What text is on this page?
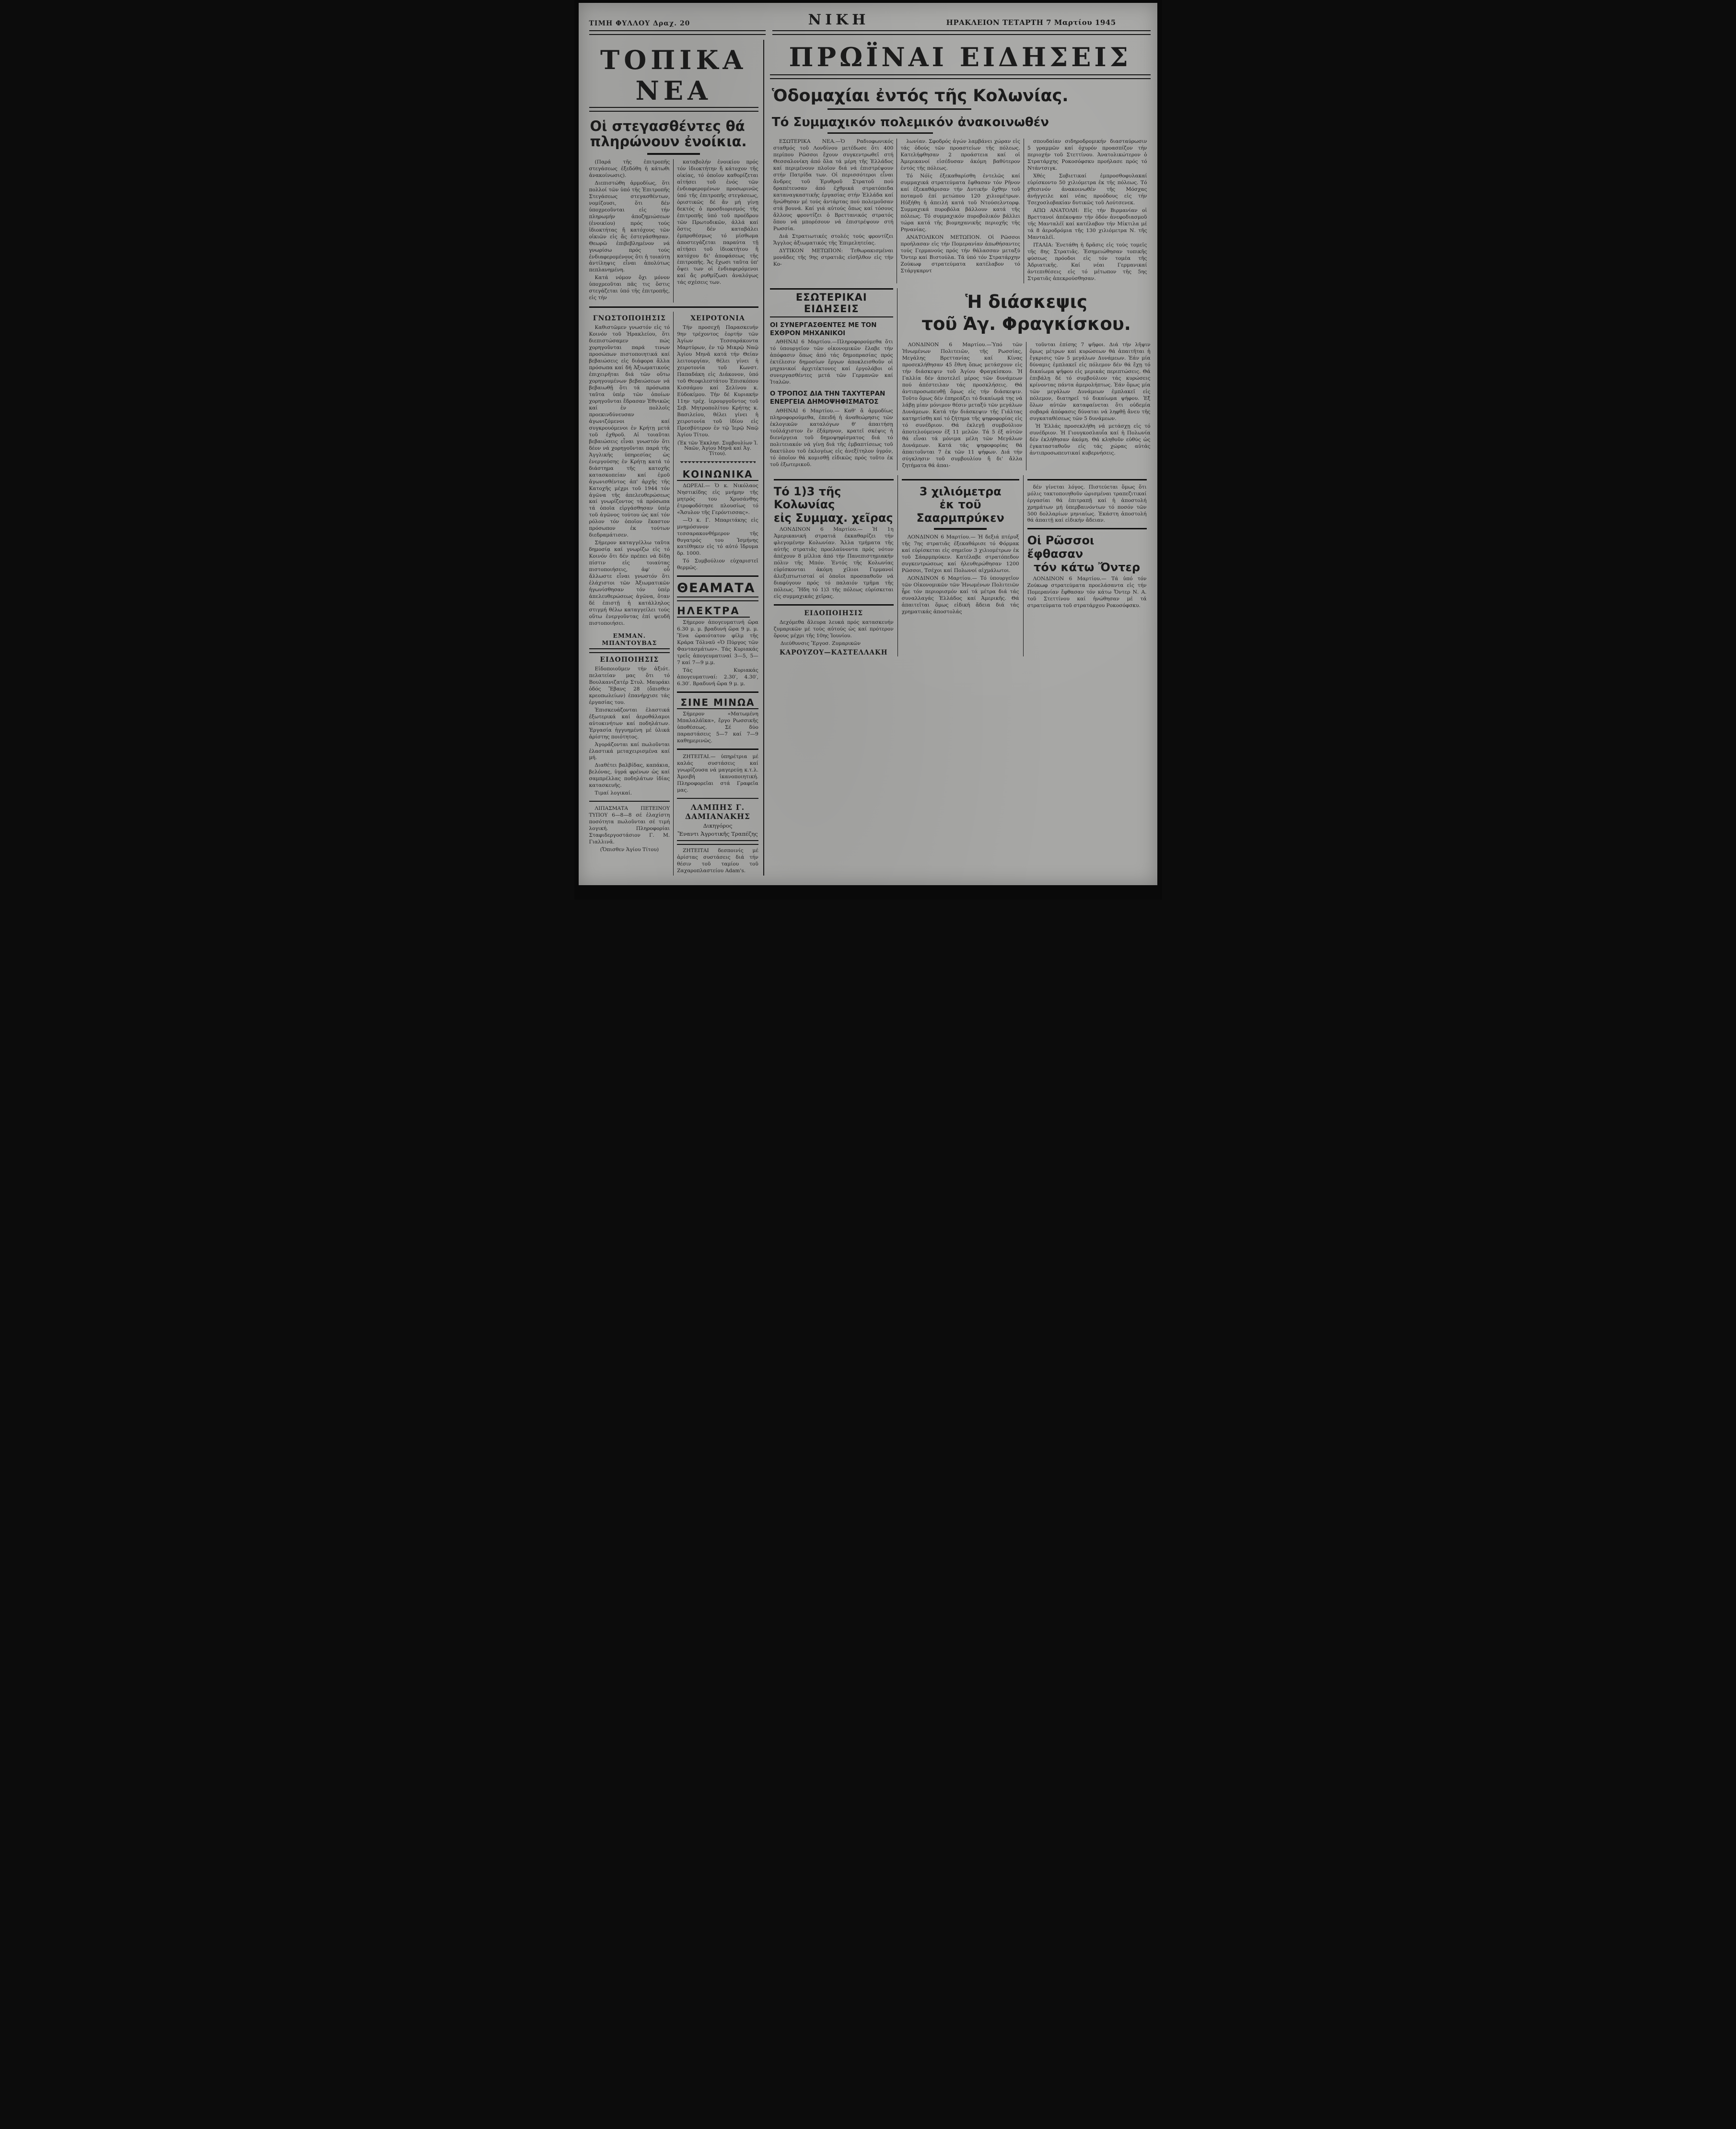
ΤΙΜΗ ΦΥΛΛΟΥ Δραχ. 20	ΝΙΚΗ	ΗΡΑΚΛΕΙΟΝ ΤΕΤΑΡΤΗ 7 Μαρτίου 1945
ΤΟΠΙΚΑ ΝΕΑ
Οἱ στεγασθέντες θά πληρώνουν ἐνοίκια.

(Παρά τῆς ἐπιτροπῆς στεγάσεως ἐξεδόθη ἡ κάτωθι ἀνακοίνωσις).

Διεπιστώθη ἁρμοδίως, ὅτι πολλοί τῶν ὑπό τῆς Ἐπιτροπῆς Στεγάσεως στεγασθέντων, νομίζουσι, ὅτι δέν ὑποχρεοῦνται εἰς τήν πληρωμήν ἀποζημιώσεων (ἐνοικίου) πρός τούς ἰδιοκτήτας ἤ κατόχους τῶν οἰκιῶν εἰς ἅς ἐστεγάσθησαν. Θεωρῶ ἐπιβεβλημένον νά γνωρίσω πρός τούς ἐνδιαφερομένους ὅτι ἡ τοιαύτη ἀντίληψις εἶναι ἀπολύτως πεπλανημένη.

Κατά νόμον ὄχι μόνον ὑποχρεοῦται πᾶς τις ὅστις στεγάζεται ὑπό τῆς ἐπιτροπῆς, εἰς τήν

καταβολήν ἐνοικίου πρός τόν ἰδιοκτήτην ἤ κάτοχον τῆς οἰκίας, τό ὁποῖον καθορίζεται αἰτήσει τοῦ ἑνός τῶν ἐνδιαφερομένων προσωρινῶς ὑπό τῆς ἐπιτροπῆς στεγάσεως, ὁριστικῶς δέ ἄν μή γίνῃ δεκτός ὁ προσδιορισμός τῆς ἐπιτροπῆς ὑπό τοῦ προέδρου τῶν Πρωτοδικῶν, ἀλλά καί ὅστις δέν καταβάλει ἐμπροθέσμως τό μίσθωμα ἀποστεγάζεται παραύτα τῇ αἰτήσει τοῦ ἰδιοκτήτου ἤ κατόχου δι' ἀποφάσεως τῆς ἐπιτροπῆς. Ἄς ἔχωσι ταῦτα ὑπ' ὄψει των οἱ ἐνδιαφερόμενοι καί ἄς ρυθμίζωσι ἀναλόγως τάς σχέσεις των.

ΓΝΩΣΤΟΠΟΙΗΣΙΣ

Καθιστῶμεν γνωστόν εἰς τό Κοινόν τοῦ Ἡρακλείου, ὅτι διεπιστώσαμεν πώς χορηγοῦνται παρά τινων προσώπων πιστοποιητικά καί βεβαιώσεις εἰς διάφορα ἄλλα πρόσωπα καί δή Ἀξιωματικούς ἐπιχειρῆται διά τῶν οὕτω χορηγουμένων βεβαιώσεων νά βεβαιωθῇ ὅτι τά πρόσωπα ταῦτα ὑπέρ τῶν ὁποίων χορηγοῦνται ἔδρασαν Ἐθνικῶς καί ἐν πολλοῖς προεκινδύνευσαν ἀγωνιζόμενοι καί συγκρουόμενοι ἐν Κρήτῃ μετά τοῦ ἐχθροῦ. Αἱ τοιαῦται βεβαιώσεις εἶναι γνωστόν ὅτι δέον νά χορηγοῦνται παρά τῆς Ἀγγλικῆς ὑπηρεσίας ὡς ἐνεργούσης ἐν Κρήτῃ κατά τό διάστημα τῆς κατοχῆς κατασκοπείαν καί ἐμοῦ ἀγωνισθέντος ἀπ' ἀρχῆς τῆς Κατοχῆς μέχρι τοῦ 1944 τόν ἀγῶνα τῆς ἀπελευθερώσεως καί γνωρίζοντος τά πρόσωπα τά ὁποῖα εἰργάσθησαν ὑπέρ τοῦ ἀγῶνος τούτου ὡς καί τόν ρόλον τόν ὁποῖον ἕκαστον πρόσωπον ἐκ τούτων διεδραμάτισεν.

Σήμερον καταγγέλλω ταῦτα δημοσίᾳ καί γνωρίζω εἰς τό Κοινόν ὅτι δέν πρέπει νά δίδῃ πίστιν εἰς τοιαύτας πιστοποιήσεις, ἀφ' οὗ ἄλλωστε εἶναι γνωστόν ὅτι ἐλάχιστοι τῶν Ἀξιωματικῶν ἠγωνίσθησαν τόν ὑπέρ ἀπελευθερώσεως ἀγῶνα, ὅταν δέ ἐπιστῇ ἡ κατάλληλος στιγμή θέλω καταγγείλει τούς οὕτω ἐνεργοῦντας ἐπί ψευδῆ πιστοποιήσει.

ΕΜΜΑΝ. ΜΠΑΝΤΟΥΒΑΣ
ΕΙΔΟΠΟΙΗΣΙΣ

Εἰδοποιοῦμεν τήν ἀξιότ. πελατείαν μας ὅτι τό Βουλκανιζατέρ Στυλ. Μαυράκι ὁδός Ἔβανς 28 (ὄπισθεν κρεοπωλείων) ἐπανήρχισε τάς ἐργασίας του.

Ἐπισκευάζονται ἐλαστικά ἐξωτερικά καί ἀεροθάλαμοι αὐτοκινήτων καί ποδηλάτων. Ἐργασία ἠγγυημένη μέ ὑλικά ἀρίστης ποιότητος.

Ἀγοράζονται καί πωλοῦνται ἐλαστικά μεταχειρισμένα καί μή.

Διαθέτει βαλβίδας, καπάκια, βελόνας, ὑγρά φρένων ὡς καί σαμπρέλλας ποδηλάτων ἰδίας κατασκευῆς.

Τιμαί λογικαί.

ΛΙΠΑΣΜΑΤΑ ΠΕΤΕΙΝΟΥ ΤΥΠΟΥ 6—8—8 σέ ἐλαχίστη ποσότητα πωλοῦνται σέ τιμή λογική. Πληροφορίαι Σταφιδεργοστάσιον Γ. Μ. Γιαλλινᾶ.

(Ὄπισθεν Ἁγίου Τίτου)
ΧΕΙΡΟΤΟΝΙΑ

Τήν προσεχῆ Παρασκευήν 9ην τρέχοντος ἑορτήν τῶν Ἁγίων Τεσσαράκοντα Μαρτύρων, ἐν τῷ Μικρῷ Ναῷ Ἁγίου Μηνᾶ κατά τήν Θείαν λειτουργίαν, θέλει γίνει ἡ χειροτονία τοῦ Κωνστ. Παπαδάκη εἰς Διάκονον, ὑπό τοῦ Θεοφιλεστάτου Ἐπισκόπου Κισσάμου καί Σελίνου κ. Εὐδοκίμου. Τήν δέ Κυριακήν 11ην τρέχ. ἱερουργοῦντος τοῦ Σεβ. Μητροπολίτου Κρήτης κ. Βασιλείου, θέλει γίνει ἡ χειροτονία τοῦ ἰδίου εἰς Πρεσβύτερον ἐν τῷ Ἱερῷ Ναῷ Ἁγίου Τίτου.

(Ἐκ τῶν Ἐκκλησ. Συμβουλίων Ἱ. Ναῶν, Ἁγίου Μηνᾶ καί Ἁγ. Τίτου).
ΚΟΙΝΩΝΙΚΑ

ΔΩΡΕΑΙ.— Ὁ κ. Νικόλαος Νηστικίδης εἰς μνήμην τῆς μητρός του Χρυσάνθης ἐτροφοδότησε πλουσίως τό «Ἄσυλον τῆς Γερόντισσας».

—Ὁ κ. Γ. Μπαριτάκης εἰς μνημόσυνον τεσσαρακονθήμερον τῆς θυγατρός του Ἰσμήνης κατέθηκεν εἰς τό αὐτό ἵδρυμα δρ. 1000.

Τό Συμβούλιον εὐχαριστεῖ θερμῶς.

ΘΕΑΜΑΤΑ
ΗΛΕΚΤΡΑ

Σήμερον ἀπογευματινή ὥρα 6.30 μ. μ. βραδυνή ὥρα 9 μ. μ. Ἕνα ὡραιότατον φίλμ τῆς Κράρα Τόλναϋ «Ὁ Πύργος τῶν Φαντασμάτων». Τάς Κυριακάς τρεῖς ἀπογευματιναί 3—5, 5—7 καί 7—9 μ.μ.

Τάς Κυριακάς ἀπογευματιναί: 2.30′, 4.30′, 6.30′. Βραδυνή ὥρα 9 μ. μ.

ΣΙΝΕ ΜΙΝΩΑ

Σήμερον «Ματωμένη Μπαλαλάϊκα», ἔργο Ρωσσικῆς ὑποθέσεως. Σέ δύο παραστάσεις 5—7 καί 7—9 καθημερινῶς.

ΖΗΤΕΙΤΑΙ.— ὑπηρέτρια μέ καλάς συστάσεις καί γνωρίζουσα νά μαγερεύῃ κ.τ.λ. Ἀμοιβή ἱκανοποιητική. Πληροφορεῖαι στά Γραφεῖα μας.

ΛΑΜΠΗΣ Γ. ΔΑΜΙΑΝΑΚΗΣ
Δικηγόρος
Ἔναντι Ἀγροτικῆς Τραπέζης

ΖΗΤΕΙΤΑΙ δεσποινίς μέ ἀρίστας συστάσεις διά τήν θέσιν τοῦ ταμίου τοῦ Ζαχαροπλαστείου Adam's.

ΠΡΩΪΝΑΙ ΕΙΔΗΣΕΙΣ
Ὁδομαχίαι ἐντός τῆς Κολωνίας.
Τό Συμμαχικόν πολεμικόν ἀνακοινωθέν

ΕΣΩΤΕΡΙΚΑ ΝΕΑ.—Ὁ Ραδιοφωνικός σταθμός τοῦ Λονδίνου μετέδωσε ὅτι 400 περίπου Ρῶσσοι ἔχουν συγκεντρωθεῖ στή Θεσσαλονίκη ἀπό ὅλα τά μέρη τῆς Ἑλλάδος καί περιμένουν πλοῖον διά νά ἐπιστρέψουν στήν Πατρίδα των. Οἱ περισσότεροι εἶναι ἄνδρες τοῦ Ἐρυθροῦ Στρατοῦ πού δραπέτευσαν ἀπό ἐχθρικά στρατόπεδα καταναγκαστικῆς ἐργασίας στήν Ἑλλάδα καί ἡνώθησαν μέ τούς ἀντάρτας πού πολεμοῦσαν στά βουνά. Καί γιά αὐτούς ὅπως καί τόσους ἄλλους φροντίζει ὁ Βρεττανικός στρατός ὅπου νά μπορέσουν νά ἐπιστρέψουν στή Ρωσσία.

Διά Στρατιωτικές στολές τούς φροντίζει Ἄγγλος ἀξιωματικός τῆς Ἐπιμελητείας.

ΔΥΤΙΚΟΝ ΜΕΤΩΠΟΝ: Τεθωρακισμέναι μονάδες τῆς 9ης στρατιᾶς εἰσῆλθον εἰς τήν Κο-

λωνίαν. Σφοδρός ἀγών λαμβάνει χώραν εἰς τάς ὁδούς τῶν προαστείων τῆς πόλεως. Κατελήφθησαν 2 προάστεια καί οἱ Ἀμερικανοί εἰσέδυσαν ἀκόμη βαθύτερον ἐντός τῆς πόλεως.

Τό Νόϊς ἐξεκαθαρίσθη ἐντελῶς καί συμμαχικά στρατεύματα ἔφθασαν τόν Ρῆνον καί ἐξεκαθάρισαν τήν Δυτικήν ὄχθην τοῦ ποταμοῦ ἐπί μετώπου 120 χιλιομέτρων. Ηὐξήθη ἡ ἀπειλή κατά τοῦ Ντούσελντορφ. Συμμαχικά πυροβόλα βάλλουν κατά τῆς πόλεως. Τό συμμαχικόν πυροβολικόν βάλλει τώρα κατά τῆς βιομηχανικῆς περιοχῆς τῆς Ρηνανίας.

ΑΝΑΤΟΛΙΚΟΝ ΜΕΤΩΠΟΝ. Οἱ Ρῶσσοι προήλασαν εἰς τήν Πομερανίαν ἀπωθήσαντες τούς Γερμανούς πρός τήν θάλασσαν μεταξύ Ὄντερ καί Βιστούλα. Τά ὑπό τόν Στρατάρχην Ζούκωφ στρατεύματα κατέλαβον τό Στάργκαρντ

σπουδαίαν σιδηροδρομικήν διασταύρωσιν 5 γραμμῶν καί ὀχυρόν προασπίζον τήν περιοχήν τοῦ Στεττίνου. Ἀνατολικώτερον ὁ Στρατάρχης Ροκοσόφσκυ προήλασε πρός τό Ντάντσιγκ.

Χθές Σοβιετικαί ἐμπροσθοφυλακαί εὑρίσκοντο 50 χιλιόμετρα ἐκ τῆς πόλεως. Τό χθεσινόν ἀνακοινωθέν τῆς Μόσχας ἀνήγγειλε καί νέας προόδους εἰς τήν Τσεχοσλοβακίαν δυτικῶς τοῦ Λούτσενεκ.

ΑΠΩ ΑΝΑΤΟΛΗ: Εἰς τήν Βιρμανίαν οἱ Βρεττανοί ἀπέκοψαν τήν ὁδόν ἀνεφοδιασμοῦ τῆς Μανταλέϊ καί κατέλαβον τήν Μίκτιλα μέ τά 8 ἀεροδρόμια τῆς 130 χιλιόμετρα Ν. τῆς Μανταλέϊ.

ΙΤΑΛΙΑ: Ἑνετάθη ἡ δρᾶσις εἰς τούς τομεῖς τῆς 8ης Στρατιᾶς. Ἐσημειώθησαν τοπικῆς φύσεως πρόοδοι εἰς τόν τομέα τῆς Ἀδριατικῆς. Καί νέαι Γερμανικαί ἀντεπιθέσεις εἰς τό μέτωπον τῆς 5ης Στρατιᾶς ἀπεκρούσθησαν.

ΕΣΩΤΕΡΙΚΑΙ ΕΙΔΗΣΕΙΣ
ΟΙ ΣΥΝΕΡΓΑΣΘΕΝΤΕΣ ΜΕ ΤΟΝ ΕΧΘΡΟΝ ΜΗΧΑΝΙΚΟΙ

ΑΘΗΝΑΙ 6 Μαρτίου.—Πληροφορούμεθα ὅτι τό ὑπουργεῖον τῶν οἰκονομικῶν ἔλαβε τήν ἀπόφασιν ὅπως ἀπό τάς δημοπρασίας πρός ἐκτέλεσιν δημοσίων ἔργων ἀποκλεισθοῦν οἱ μηχανικοί ἀρχιτέκτονες καί ἐργολάβοι οἱ συνεργασθέντες μετά τῶν Γερμανῶν καί Ἰταλῶν.

Ο ΤΡΟΠΟΣ ΔΙΑ ΤΗΝ ΤΑΧΥΤΕΡΑΝ ΕΝΕΡΓΕΙΑ ΔΗΜΟΨΗΦΙΣΜΑΤΟΣ

ΑΘΗΝΑΙ 6 Μαρτίου.— Καθ' ἅ ἁρμοδίως πληροφορούμεθα, ἐπειδή ἡ ἀναθεώρησις τῶν ἐκλογικῶν καταλόγων θ' ἀπαιτήσῃ τοὐλάχιστον ἕν ἑξάμηνον, κρατεῖ σκέψις ἡ διενέργεια τοῦ δημοψηφίσματος διά τό πολιτειακόν νά γίνῃ διά τῆς ἐμβαπτίσεως τοῦ δακτύλου τοῦ ἐκλογέως εἰς ἀνεξίτηλον ὑγρόν, τό ὁποῖον θά κομισθῇ εἰδικῶς πρός τοῦτο ἐκ τοῦ ἐξωτερικοῦ.

Ἡ διάσκεψις
τοῦ Ἁγ. Φραγκίσκου.

ΛΟΝΔΙΝΟΝ 6 Μαρτίου.—Ὑπό τῶν Ἡνωμένων Πολιτειῶν, τῆς Ρωσσίας, Μεγάλης Βρεττανίας καί Κίνας προσεκλήθησαν 45 ἔθνη ὅπως μετάσχουν εἰς τήν διάσκεψιν τοῦ Ἁγίου Φραγκίσκου. Ἡ Γαλλία δέν ἀποτελεῖ μέρος τῶν δυνάμεων πού ἀπέστειλαν τάς προσκλήσεις. Θά ἀντιπροσωπευθῇ ὅμως εἰς τήν διάσκεψιν. Τοῦτο ὅμως δέν ἐπηρεάζει τό δικαίωμά της νά λάβῃ μίαν μόνιμον θέσιν μεταξύ τῶν μεγάλων Δυνάμεων. Κατά τήν διάσκεψιν τῆς Γιάλτας κατηρτίσθη καί τό ζήτημα τῆς ψηφοφορίας εἰς τό συνέδριον. Θά ἐκλεγῇ συμβούλιον ἀποτελούμενον ἐξ 11 μελῶν. Τά 5 ἐξ αὐτῶν θά εἶναι τά μόνιμα μέλη τῶν Μεγάλων Δυνάμεων. Κατά τάς ψηφοφορίας θά ἀπαιτοῦνται 7 ἐκ τῶν 11 ψήφων. Διά τήν σύγκλησιν τοῦ συμβουλίου ἤ δι' ἄλλα ζητήματα θά ἀπαι-

τοῦνται ἐπίσης 7 ψῆφοι. Διά τήν λῆψιν ὅμως μέτρων καί κυρώσεων θά ἀπαιτῆται ἡ ἔγκρισις τῶν 5 μεγάλων Δυνάμεων. Ἐάν μία δύναμις ἐμπλακεῖ εἰς πόλεμον δέν θά ἔχῃ τό δικαίωμα ψήφου εἰς μερικάς περιπτώσεις. Θά ἐπιβάλῃ δέ τό συμβούλιον τάς κυρώσεις κρίνοντας πάντα ἀμερολήπτως. Ἐάν ὅμως μία τῶν μεγάλων Δυνάμεων ἐμπλακεῖ εἰς πόλεμον, διατηρεῖ τό δικαίωμα ψήφου. Ἐξ ὅλων αὐτῶν καταφαίνεται ὅτι οὐδεμία σοβαρά ἀπόφασις δύναται νά ληφθῇ ἄνευ τῆς συγκαταθέσεως τῶν 5 δυνάμεων.

Ἡ Ἑλλάς προσεκλήθη νά μετάσχῃ εἰς τό συνέδριον. Ἡ Γιουγκοσλαυΐα καί ἡ Πολωνία δέν ἐκλήθησαν ἀκόμη. Θά κληθοῦν εὐθύς ὡς ἐγκατασταθοῦν εἰς τάς χώρας αὐτάς ἀντιπροσωπευτικαί κυβερνήσεις.

Τό 1)3 τῆς Κολωνίας
εἰς Συμμαχ. χεῖρας

ΛΟΝΔΙΝΟΝ 6 Μαρτίου.— Ἡ 1η Ἀμερικανική στρατιά ἐκκαθαρίζει τήν φλεγομένην Κολωνίαν. Ἄλλα τμήματα τῆς αὐτῆς στρατιᾶς προελαύνοντα πρός νότον ἀπέχουν 8 μίλλια ἀπό τήν Πανεπιστημιακήν πόλιν τῆς Μπόν. Ἐντός τῆς Κολωνίας εὑρίσκονται ἀκόμη χίλιοι Γερμανοί ἀλεξιπτωτισταί οἱ ὁποῖοι προσπαθοῦν νά διαφύγουν πρός τό παλαιόν τμῆμα τῆς πόλεως. Ἤδη τό 1)3 τῆς πόλεως εὑρίσκεται εἰς συμμαχικάς χεῖρας.

ΕΙΔΟΠΟΙΗΣΙΣ

Δεχόμεθα ἄλευρα λευκά πρός κατασκευήν ζυμαρικῶν μέ τούς αὐτούς ὡς καί πρότερον ὅρους μέχρι τῆς 10ης Ἰουνίου.

Διεύθυνσις Ἔργοσ. Ζυμαρικῶν
ΚΑΡΟΥΖΟΥ—ΚΑΣΤΕΛΛΑΚΗ
3 χιλιόμετρα
ἐκ τοῦ Σααρμπρύκεν

ΛΟΝΔΙΝΟΝ 6 Μαρτίου.— Ἡ δεξιά πτέρυξ τῆς 7ης στρατιᾶς ἐξεκαθάρισε τό Φόρμακ καί εὑρίσκεται εἰς σημεῖον 3 χιλιομέτρων ἐκ τοῦ Σάαρμπρύκεν. Κατέλαβε στρατόπεδον συγκεντρώσεως καί ἠλευθερώθησαν 1200 Ρῶσσοι, Τσέχοι καί Πολωνοί αἰχμάλωτοι.

ΛΟΝΔΙΝΟΝ 6 Μαρτίου.— Τό ὑπουργεῖον τῶν Οἰκονομικῶν τῶν Ἡνωμένων Πολιτειῶν ἦρε τόν περιορισμόν καί τά μέτρα διά τάς συναλλαγάς Ἑλλάδος καί Ἀμερικῆς. Θά ἀπαιτεῖται ὅμως εἰδική ἄδεια διά τάς χρηματικάς ἀποστολάς

δέν γίνεται λόγος. Πιστεύεται ὅμως ὅτι μόλις τακτοποιηθοῦν ὡρισμέναι τραπεζιτικαί ἐργασίαι θά ἐπιτραπῇ καί ἡ ἀποστολή χρημάτων μή ὑπερβαινόντων τό ποσόν τῶν 500 δολλαρίων μηνιαίως. Ἑκάστη ἀποστολή θά ἀπαιτῇ καί εἰδικήν ἄδειαν.

Οἱ Ρῶσσοι ἔφθασαν
τόν κάτω Ὄντερ

ΛΟΝΔΙΝΟΝ 6 Μαρτίου.— Τά ὑπό τόν Ζούκωφ στρατεύματα προελάσαντα εἰς τήν Πομερανίαν ἔφθασαν τόν κάτω Ὄντερ Ν. Α. τοῦ Στεττίνου καί ἡνώθησαν μέ τά στρατεύματα τοῦ στρατάρχου Ροκοσόφσκυ.
